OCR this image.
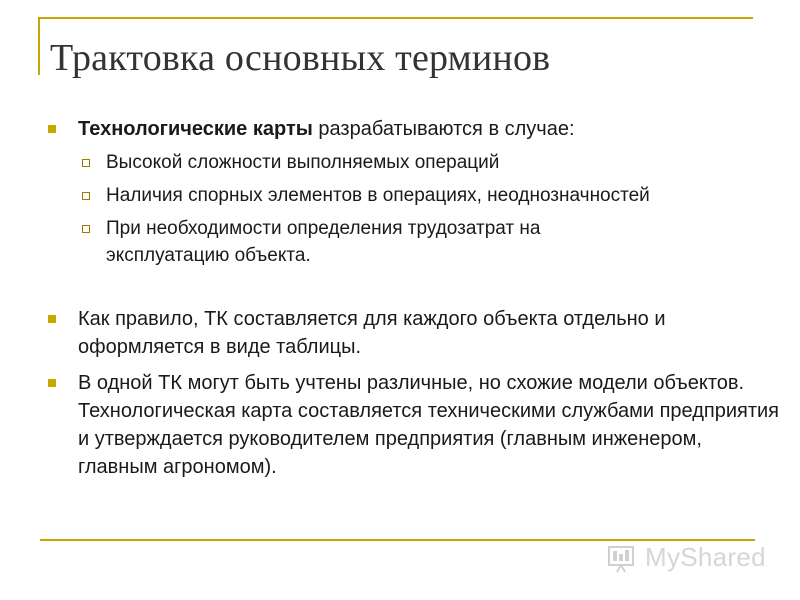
Трактовка основных терминов
Технологические карты разрабатываются в случае:
Высокой сложности выполняемых операций
Наличия спорных элементов в операциях, неоднозначностей
При необходимости определения трудозатрат на эксплуатацию объекта.
Как правило, ТК составляется для каждого объекта отдельно и оформляется в виде таблицы.
В одной ТК могут быть учтены различные, но схожие модели объектов. Технологическая карта составляется техническими службами предприятия и утверждается руководителем предприятия (главным инженером, главным агрономом).
MyShared
